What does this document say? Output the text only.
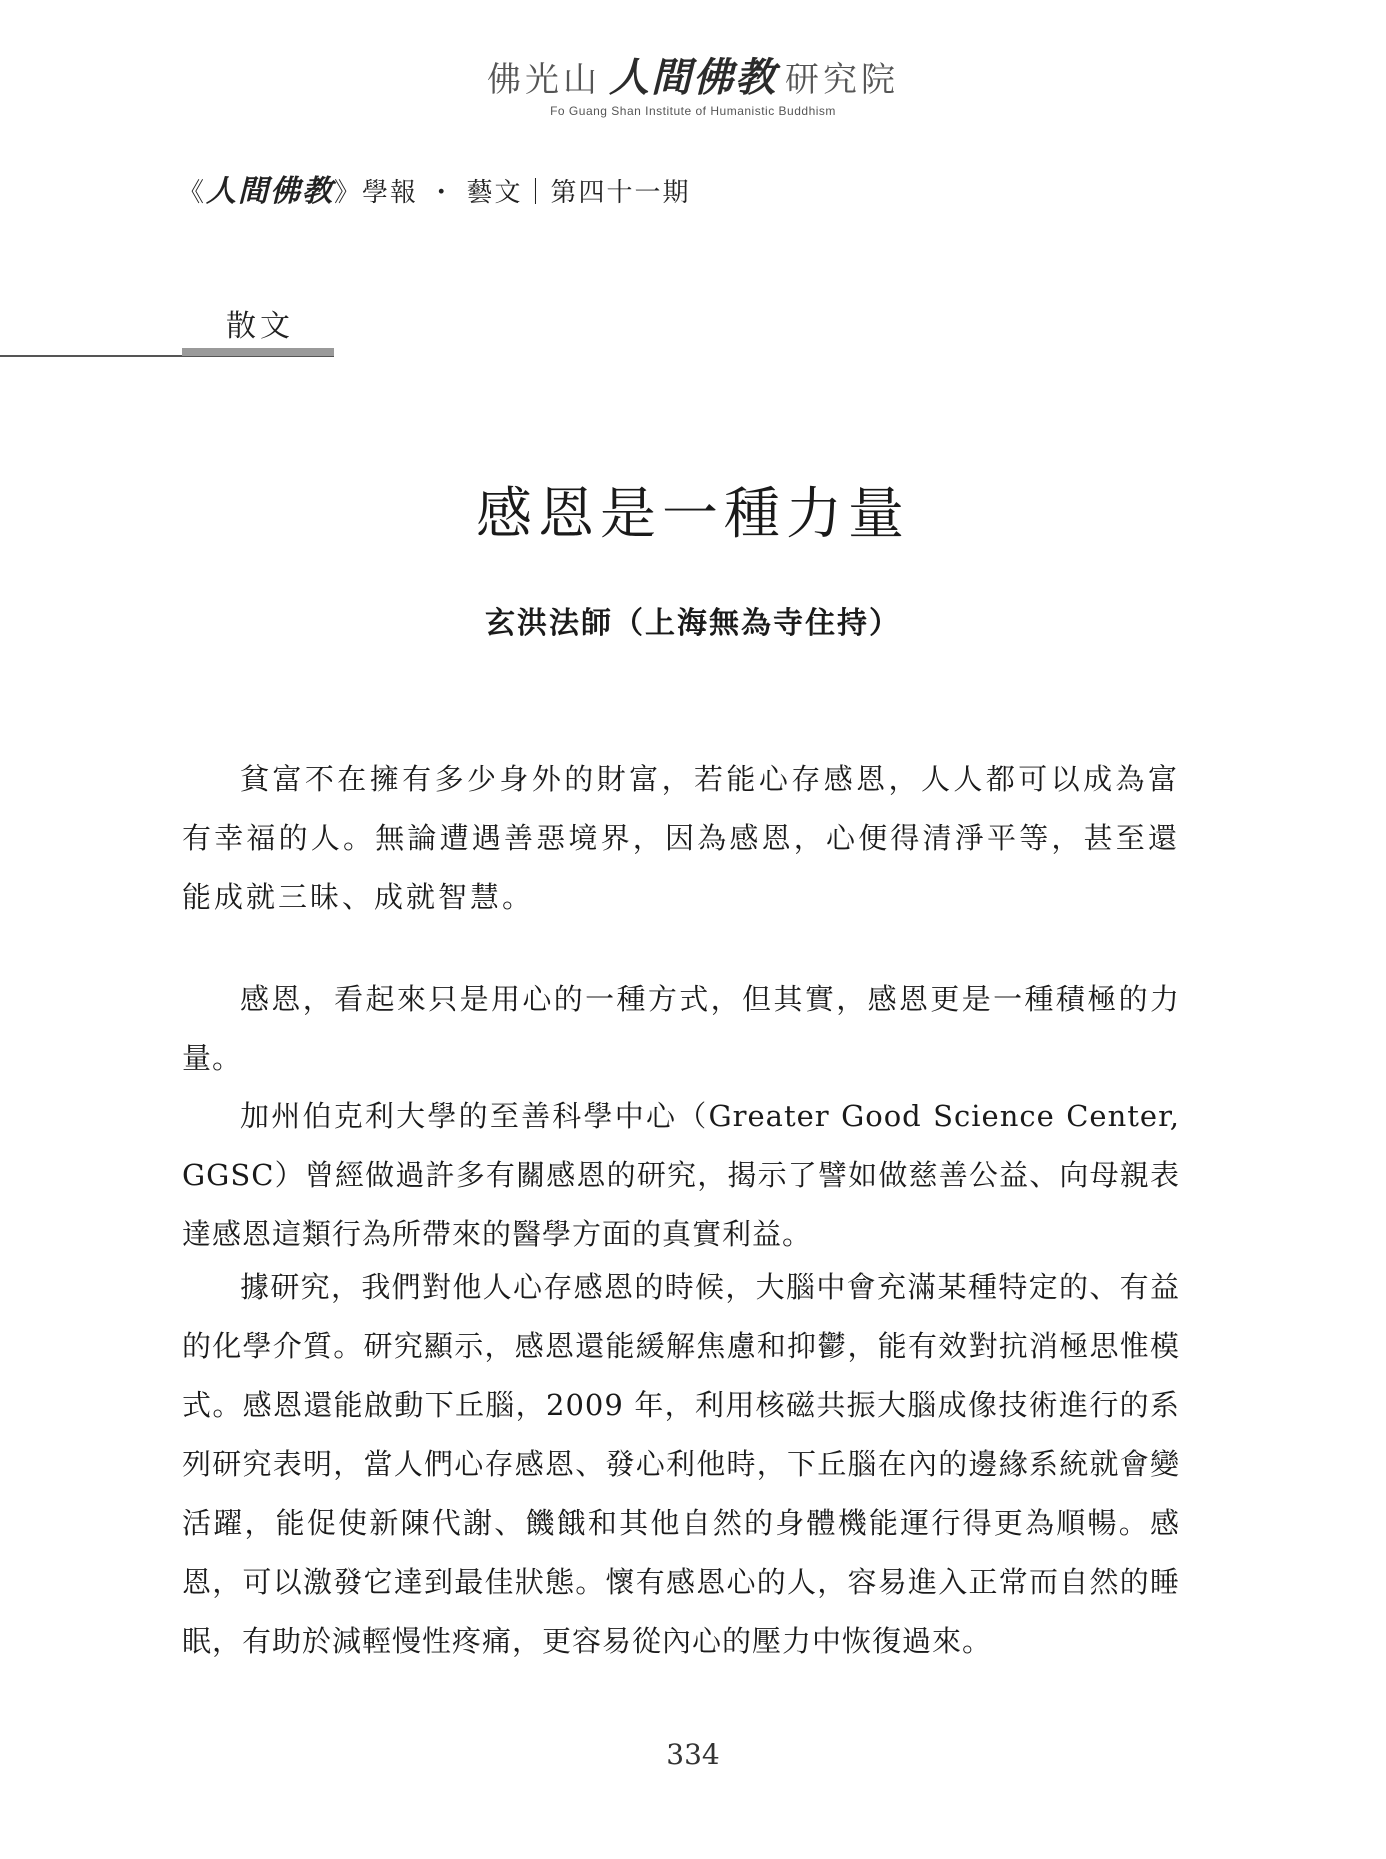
佛光山 人間佛教 研究院
Fo Guang Shan Institute of Humanistic Buddhism
《人間佛教》學報 ・ 藝文｜第四十一期
散文
感恩是一種力量
玄洪法師（上海無為寺住持）

貧富不在擁有多少身外的財富，若能心存感恩，人人都可以成為富有幸福的人。無論遭遇善惡境界，因為感恩，心便得清淨平等，甚至還能成就三昧、成就智慧。

感恩，看起來只是用心的一種方式，但其實，感恩更是一種積極的力量。

加州伯克利大學的至善科學中心（Greater Good Science Center, GGSC）曾經做過許多有關感恩的研究，揭示了譬如做慈善公益、向母親表達感恩這類行為所帶來的醫學方面的真實利益。

據研究，我們對他人心存感恩的時候，大腦中會充滿某種特定的、有益的化學介質。研究顯示，感恩還能緩解焦慮和抑鬱，能有效對抗消極思惟模式。感恩還能啟動下丘腦，2009 年，利用核磁共振大腦成像技術進行的系列研究表明，當人們心存感恩、發心利他時，下丘腦在內的邊緣系統就會變活躍，能促使新陳代謝、饑餓和其他自然的身體機能運行得更為順暢。感恩，可以激發它達到最佳狀態。懷有感恩心的人，容易進入正常而自然的睡眠，有助於減輕慢性疼痛，更容易從內心的壓力中恢復過來。

334
